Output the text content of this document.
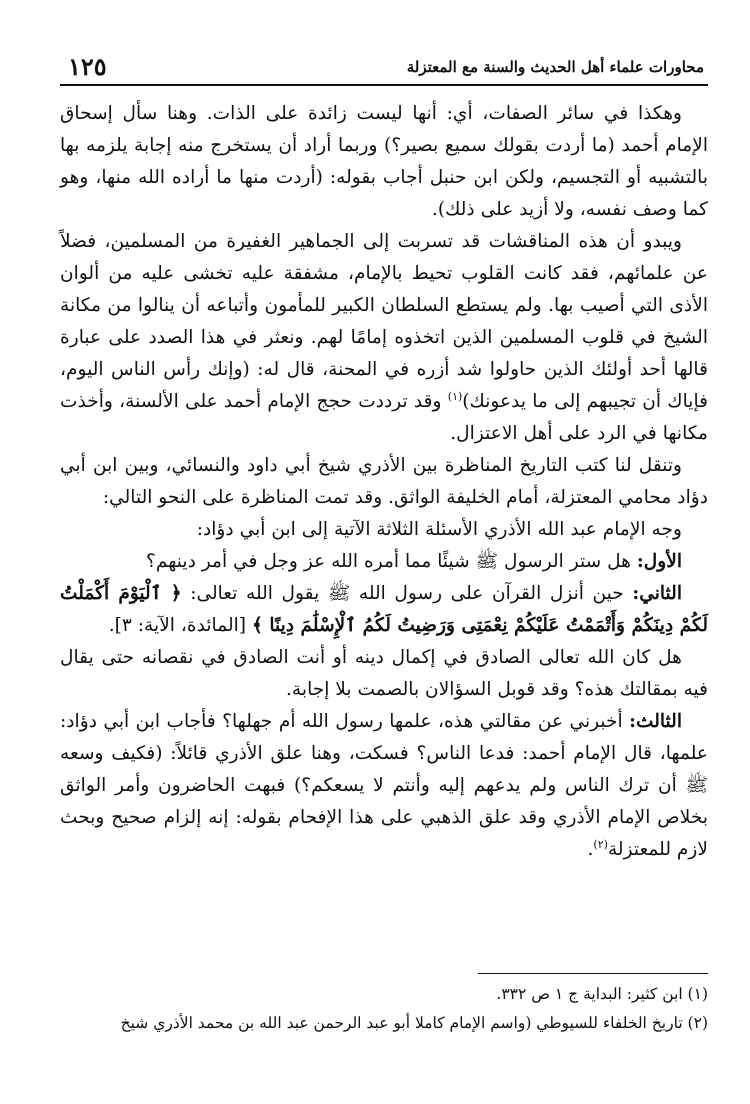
محاورات علماء أهل الحديث والسنة مع المعتزلة
١٢٥

وهكذا في سائر الصفات، أي: أنها ليست زائدة على الذات. وهنا سأل إسحاق الإمام أحمد (ما أردت بقولك سميع بصير؟) وربما أراد أن يستخرج منه إجابة يلزمه بها بالتشبيه أو التجسيم، ولكن ابن حنبل أجاب بقوله: (أردت منها ما أراده الله منها، وهو كما وصف نفسه، ولا أزيد على ذلك).

ويبدو أن هذه المناقشات قد تسربت إلى الجماهير الغفيرة من المسلمين، فضلاً عن علمائهم، فقد كانت القلوب تحيط بالإمام، مشفقة عليه تخشى عليه من ألوان الأذى التي أصيب بها. ولم يستطع السلطان الكبير للمأمون وأتباعه أن ينالوا من مكانة الشيخ في قلوب المسلمين الذين اتخذوه إمامًا لهم. ونعثر في هذا الصدد على عبارة قالها أحد أولئك الذين حاولوا شد أزره في المحنة، قال له: (وإنك رأس الناس اليوم، فإياك أن تجيبهم إلى ما يدعونك)$^{(١)}$ وقد ترددت حجج الإمام أحمد على الألسنة، وأخذت مكانها في الرد على أهل الاعتزال.

وتنقل لنا كتب التاريخ المناظرة بين الأذري شيخ أبي داود والنسائي، وبين ابن أبي دؤاد محامي المعتزلة، أمام الخليفة الواثق. وقد تمت المناظرة على النحو التالي:

وجه الإمام عبد الله الأذري الأسئلة الثلاثة الآتية إلى ابن أبي دؤاد:

الأول: هل ستر الرسول ﷺ شيئًا مما أمره الله عز وجل في أمر دينهم؟

الثاني: حين أنزل القرآن على رسول الله ﷺ يقول الله تعالى: ﴿ ٱلْيَوْمَ أَكْمَلْتُ لَكُمْ دِينَكُمْ وَأَتْمَمْتُ عَلَيْكُمْ نِعْمَتِى وَرَضِيتُ لَكُمُ ٱلْإِسْلَٰمَ دِينًا ﴾ [المائدة، الآية: ٣].

هل كان الله تعالى الصادق في إكمال دينه أو أنت الصادق في نقصانه حتى يقال فيه بمقالتك هذه؟ وقد قوبل السؤالان بالصمت بلا إجابة.

الثالث: أخبرني عن مقالتي هذه، علمها رسول الله أم جهلها؟ فأجاب ابن أبي دؤاد: علمها، قال الإمام أحمد: فدعا الناس؟ فسكت، وهنا علق الأذري قائلاً: (فكيف وسعه ﷺ أن ترك الناس ولم يدعهم إليه وأنتم لا يسعكم؟) فبهت الحاضرون وأمر الواثق بخلاص الإمام الأذري وقد علق الذهبي على هذا الإفحام بقوله: إنه إلزام صحيح وبحث لازم للمعتزلة$^{(٢)}$.

(١) ابن كثير: البداية ج ١ ص ٣٣٢.
(٢) تاريخ الخلفاء للسيوطي (واسم الإمام كاملا أبو عبد الرحمن عبد الله بن محمد الأذري شيخ
